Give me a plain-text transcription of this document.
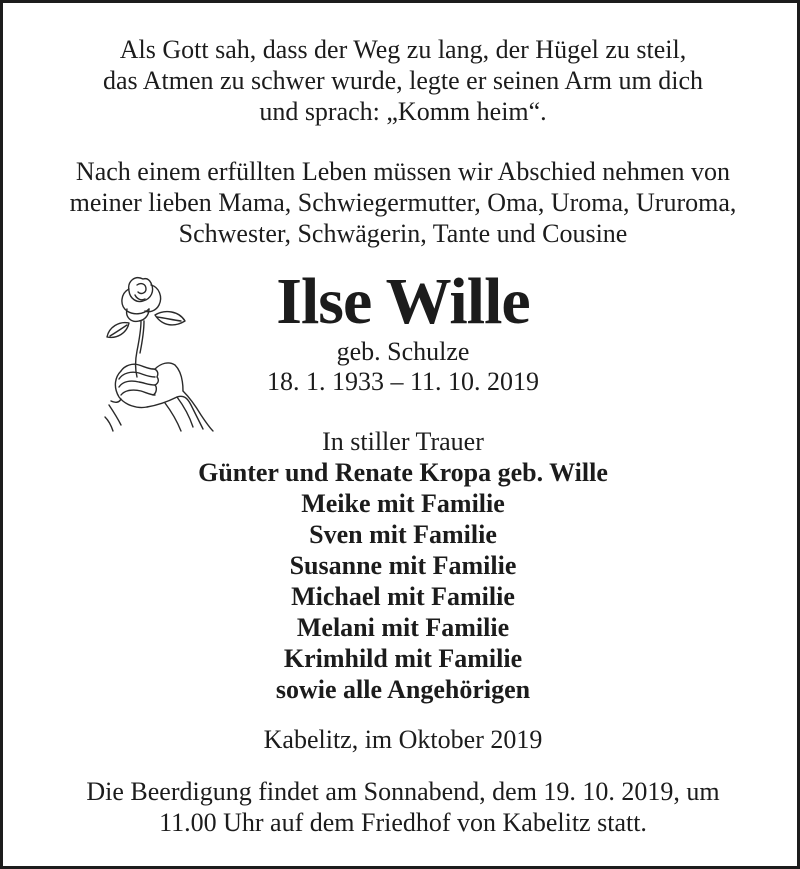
Als Gott sah, dass der Weg zu lang, der Hügel zu steil,
das Atmen zu schwer wurde, legte er seinen Arm um dich
und sprach: „Komm heim“.
Nach einem erfüllten Leben müssen wir Abschied nehmen von
meiner lieben Mama, Schwiegermutter, Oma, Uroma, Ururoma,
Schwester, Schwägerin, Tante und Cousine
Ilse Wille
geb. Schulze
18. 1. 1933 – 11. 10. 2019
In stiller Trauer
Günter und Renate Kropa geb. Wille
Meike mit Familie
Sven mit Familie
Susanne mit Familie
Michael mit Familie
Melani mit Familie
Krimhild mit Familie
sowie alle Angehörigen
Kabelitz, im Oktober 2019
Die Beerdigung findet am Sonnabend, dem 19. 10. 2019, um
11.00 Uhr auf dem Friedhof von Kabelitz statt.
